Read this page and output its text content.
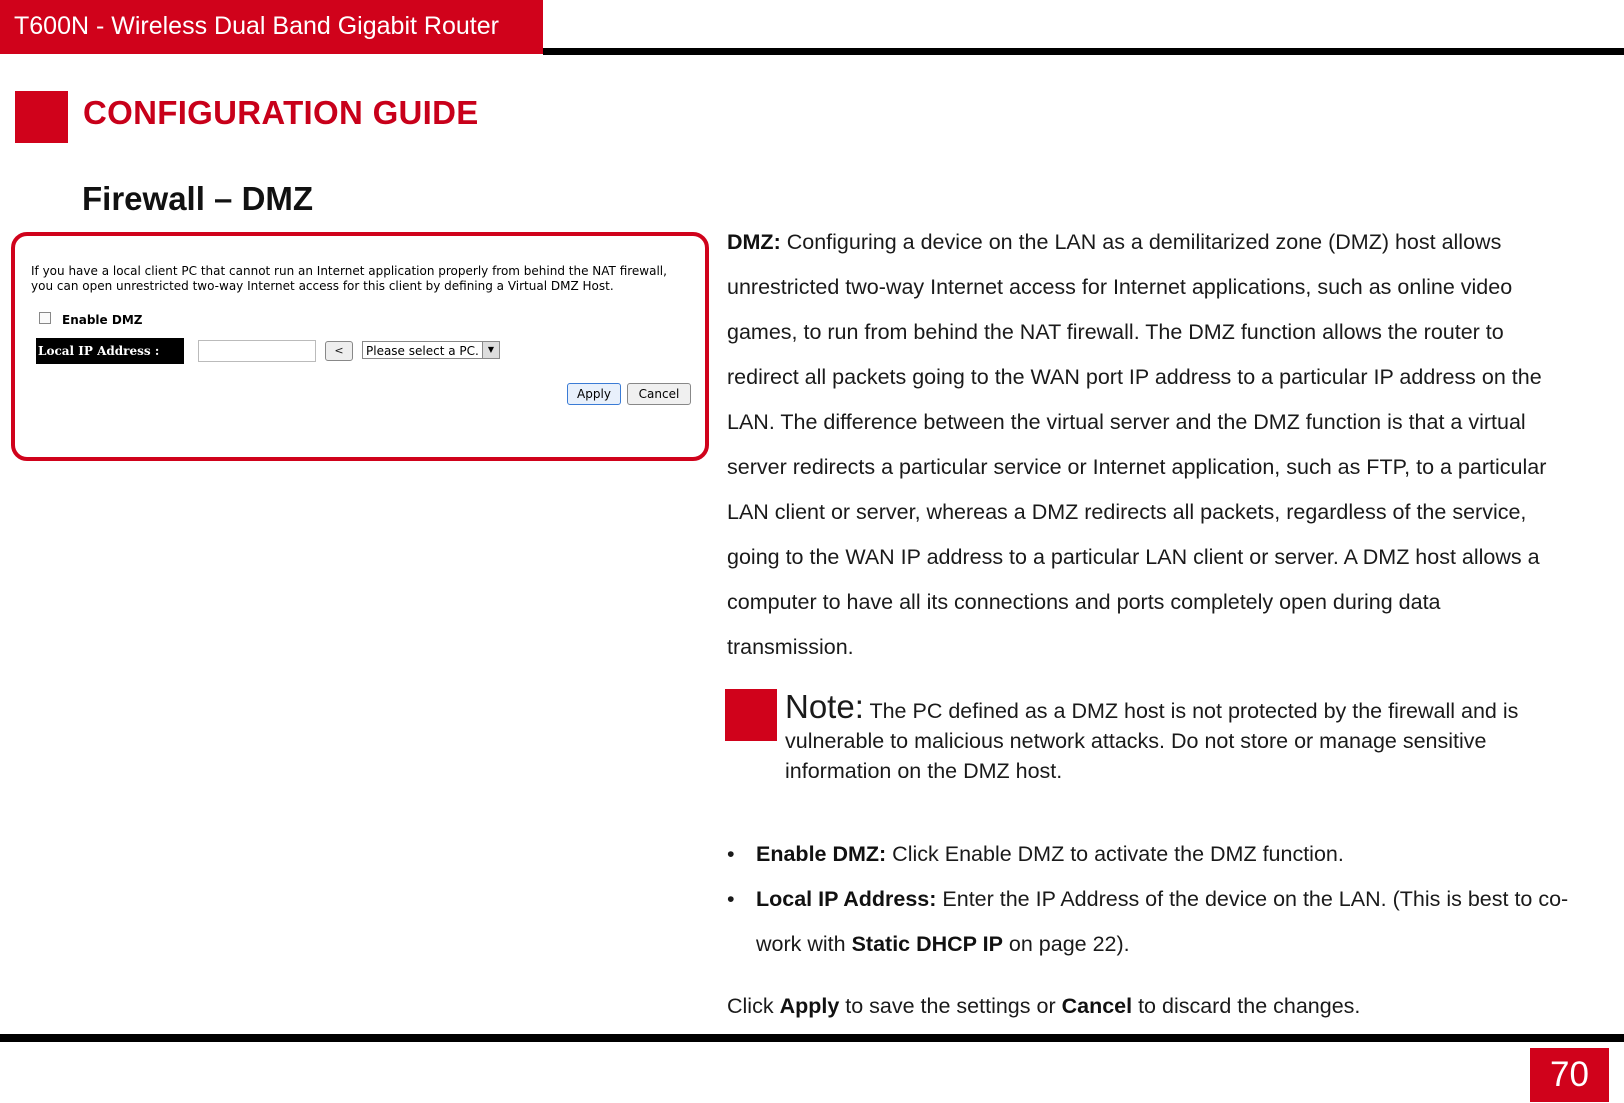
T600N - Wireless Dual Band Gigabit Router
CONFIGURATION GUIDE
Firewall – DMZ
If you have a local client PC that cannot run an Internet application properly from behind the NAT firewall,
you can open unrestricted two-way Internet access for this client by defining a Virtual DMZ Host.
Enable DMZ
Local IP Address :	<	Please select a PC.	▼
Apply	Cancel
DMZ: Configuring a device on the LAN as a demilitarized zone (DMZ) host allows unrestricted two-way Internet access for Internet applications, such as online video games, to run from behind the NAT firewall. The DMZ function allows the router to redirect all packets going to the WAN port IP address to a particular IP address on the LAN. The difference between the virtual server and the DMZ function is that a virtual server redirects a particular service or Internet application, such as FTP, to a particular LAN client or server, whereas a DMZ redirects all packets, regardless of the service, going to the WAN IP address to a particular LAN client or server. A DMZ host allows a computer to have all its connections and ports completely open during data transmission.
Note: The PC defined as a DMZ host is not protected by the firewall and is vulnerable to malicious network attacks. Do not store or manage sensitive information on the DMZ host.
• Enable DMZ: Click Enable DMZ to activate the DMZ function.
• Local IP Address: Enter the IP Address of the device on the LAN. (This is best to co-work with Static DHCP IP on page 22).
Click Apply to save the settings or Cancel to discard the changes.
70
